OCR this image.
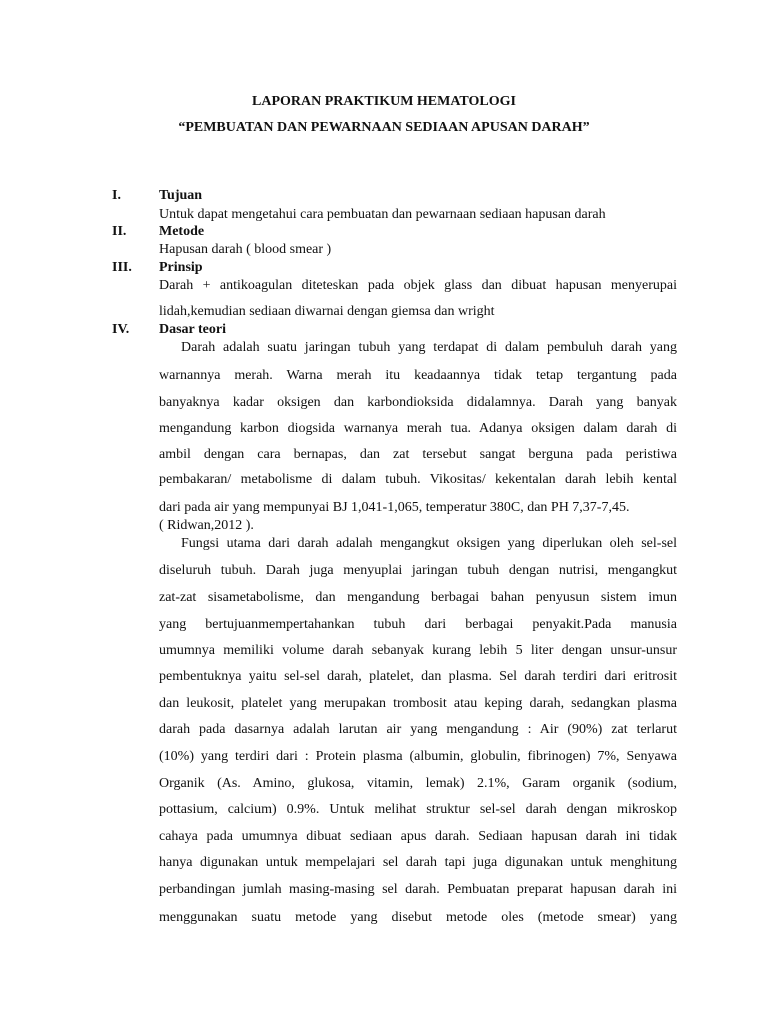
LAPORAN PRAKTIKUM HEMATOLOGI

“PEMBUATAN DAN PEWARNAAN SEDIAAN APUSAN DARAH”

I.	Tujuan
Untuk dapat mengetahui cara pembuatan dan pewarnaan sediaan hapusan darah
II. Metode
Hapusan darah ( blood smear )
III. Prinsip
Darah + antikoagulan diteteskan pada objek glass dan dibuat hapusan menyerupai
lidah,kemudian sediaan diwarnai dengan giemsa dan wright
IV. Dasar teori
Darah adalah suatu jaringan tubuh yang terdapat di dalam pembuluh darah yang
warnannya merah. Warna merah itu keadaannya tidak tetap tergantung pada
banyaknya kadar oksigen dan karbondioksida didalamnya. Darah yang banyak
mengandung karbon diogsida warnanya merah tua. Adanya oksigen dalam darah di
ambil dengan cara bernapas, dan zat tersebut sangat berguna pada peristiwa
pembakaran/ metabolisme di dalam tubuh. Vikositas/ kekentalan darah lebih kental
dari pada air yang mempunyai BJ 1,041-1,065, temperatur 380C, dan PH 7,37-7,45.
( Ridwan,2012 ).
Fungsi utama dari darah adalah mengangkut oksigen yang diperlukan oleh sel-sel
diseluruh tubuh. Darah juga menyuplai jaringan tubuh dengan nutrisi, mengangkut
zat-zat sisametabolisme, dan mengandung berbagai bahan penyusun sistem imun
yang bertujuanmempertahankan tubuh dari berbagai penyakit.Pada manusia
umumnya memiliki volume darah sebanyak kurang lebih 5 liter dengan unsur-unsur
pembentuknya yaitu sel-sel darah, platelet, dan plasma. Sel darah terdiri dari eritrosit
dan leukosit, platelet yang merupakan trombosit atau keping darah, sedangkan plasma
darah pada dasarnya adalah larutan air yang mengandung : Air (90%) zat terlarut
(10%) yang terdiri dari : Protein plasma (albumin, globulin, fibrinogen) 7%, Senyawa
Organik (As. Amino, glukosa, vitamin, lemak) 2.1%, Garam organik (sodium,
pottasium, calcium) 0.9%. Untuk melihat struktur sel-sel darah dengan mikroskop
cahaya pada umumnya dibuat sediaan apus darah. Sediaan hapusan darah ini tidak
hanya digunakan untuk mempelajari sel darah tapi juga digunakan untuk menghitung
perbandingan jumlah masing-masing sel darah. Pembuatan preparat hapusan darah ini
menggunakan suatu metode yang disebut metode oles (metode smear) yang
